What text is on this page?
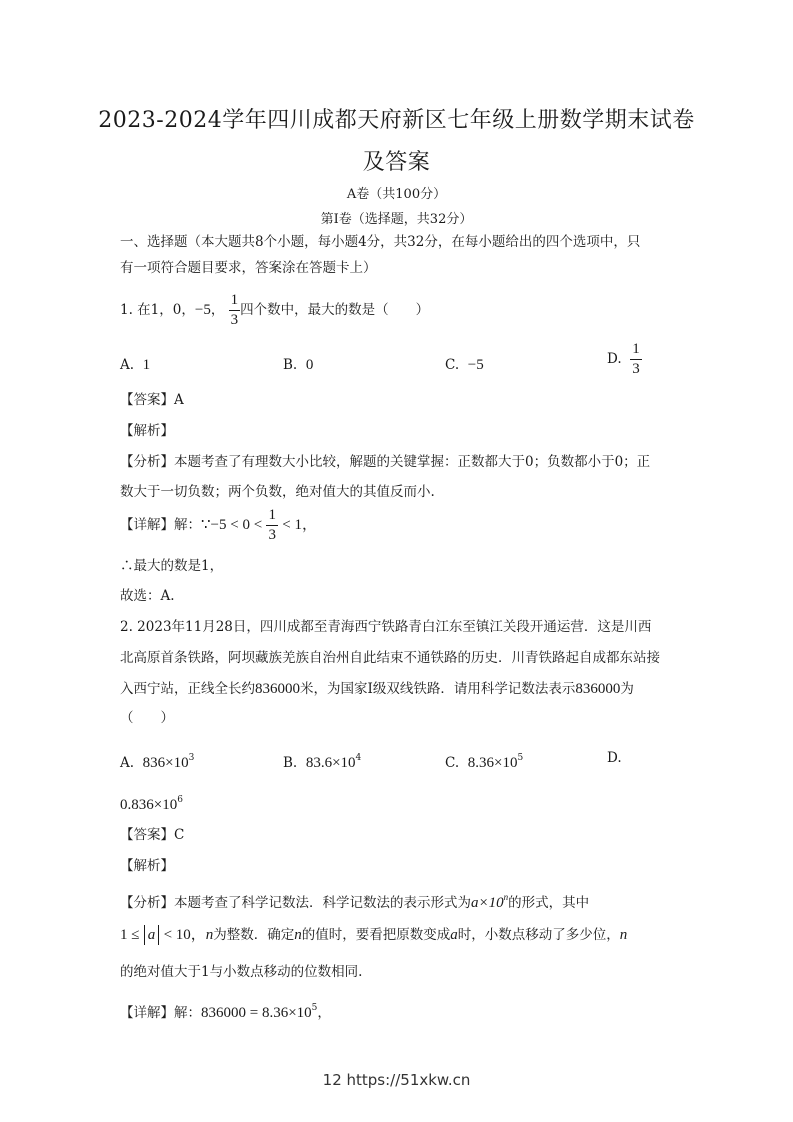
2023-2024学年四川成都天府新区七年级上册数学期末试卷
及答案
A卷（共100分）
第Ⅰ卷（选择题，共32分）
一、选择题（本大题共8个小题，每小题4分，共32分，在每小题给出的四个选项中，只
有一项符合题目要求，答案涂在答题卡上）
1. 在1，0，−5， $\frac{1}{3}$ 四个数中，最大的数是（　　）
A. 1	B. 0	C. −5	D. $\frac{1}{3}$
【答案】A
【解析】
【分析】本题考查了有理数大小比较，解题的关键掌握：正数都大于0；负数都小于0；正
数大于一切负数；两个负数，绝对值大的其值反而小.
【详解】解：∵−5 < $0 < \frac{1}{3} < 1$，
∴最大的数是1，
故选：A.
2. 2023年11月28日，四川成都至青海西宁铁路青白江东至镇江关段开通运营．这是川西
北高原首条铁路，阿坝藏族羌族自治州自此结束不通铁路的历史．川青铁路起自成都东站接
入西宁站，正线全长约836000米，为国家Ⅰ级双线铁路．请用科学记数法表示836000为
（　　）
A. $836\times 10^3$	B. $83.6\times 10^4$	C. $8.36\times 10^5$	D.
$0.836\times 10^6$
【答案】C
【解析】
【分析】本题考查了科学记数法．科学记数法的表示形式为$a\times 10^n$的形式，其中
1 ≤ a < 10，n为整数．确定n的值时，要看把原数变成a时，小数点移动了多少位，n
的绝对值大于1与小数点移动的位数相同.
【详解】解：$836000 = 8.36\times 10^5$，
12 https://51xkw.cn
